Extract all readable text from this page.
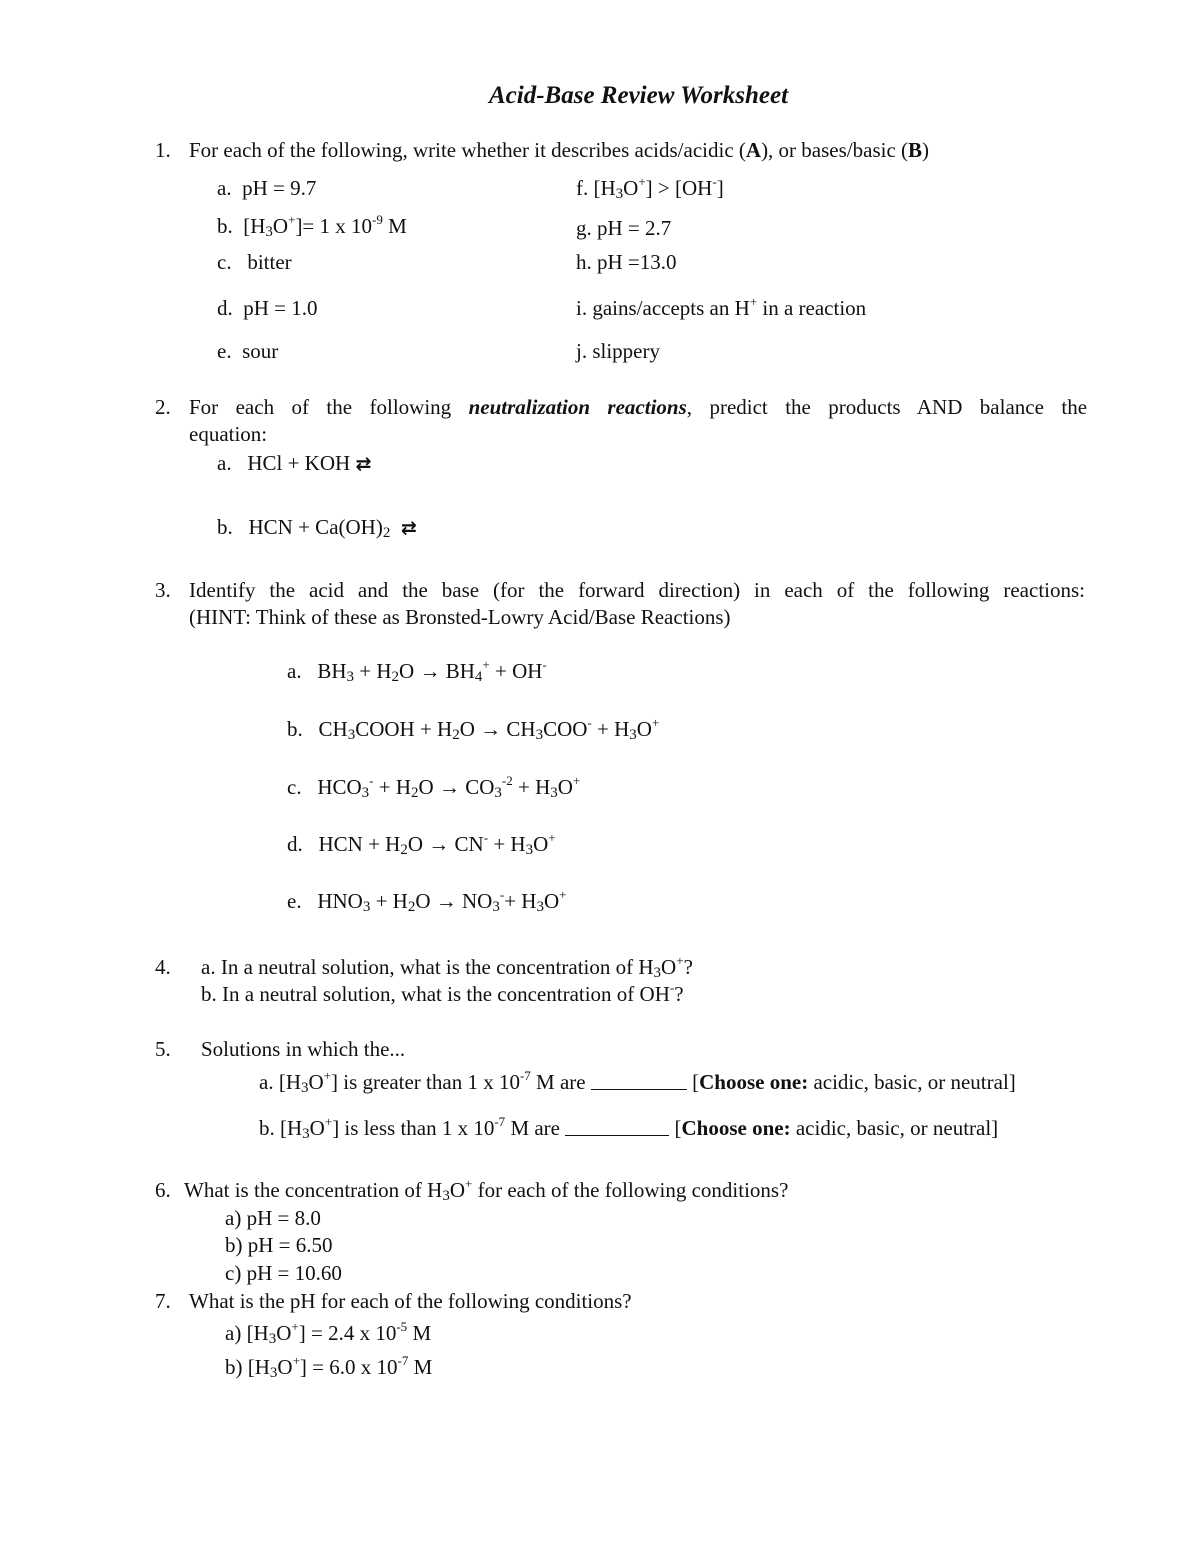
Acid-Base Review Worksheet
1. For each of the following, write whether it describes acids/acidic (A), or bases/basic (B)
a. pH = 9.7
b. $[H_3O^+]= 1$ x $10^{-9}$ M
c. bitter
d. pH = 1.0
e. sour
f. $[H_3O^+] > [OH^-]$
g. pH = 2.7
h. pH =13.0
i. gains/accepts an H+ in a reaction
j. slippery
2. For each of the following neutralization reactions, predict the products AND balance the
equation:
a. HCl + KOH ⇄
b. HCN + $Ca(OH)_2$ ⇄
3. Identify the acid and the base (for the forward direction) in each of the following reactions:
(HINT: Think of these as Bronsted-Lowry Acid/Base Reactions)
a. $BH_3 + H_2O \to BH_4^+ + OH^-$
b. $CH_3COOH + H_2O \to CH_3COO^- + H_3O^+$
c. $HCO_3^- + H_2O \to CO_3^{-2} + H_3O^+$
d. HCN + $H_2O \to CN^- + H_3O^+$
e. $HNO_3 + H_2O \to NO_3^-+ H_3O^+$
4. a. In a neutral solution, what is the concentration of $H_3O^+$?
b. In a neutral solution, what is the concentration of OH-?
5. Solutions in which the...
a. $[H_3O^+]$ is greater than 1 x $10^{-7}$ M are	[Choose one: acidic, basic, or neutral]
b. $[H_3O^+]$ is less than 1 x $10^{-7}$ M are	[Choose one: acidic, basic, or neutral]
6. What is the concentration of $H_3O^+$ for each of the following conditions?
a) pH = 8.0
b) pH = 6.50
c) pH = 10.60
7. What is the pH for each of the following conditions?
a) $[H_3O^+] = 2.4$ x $10^{-5}$ M
b) $[H_3O^+] = 6.0$ x $10^{-7}$ M
